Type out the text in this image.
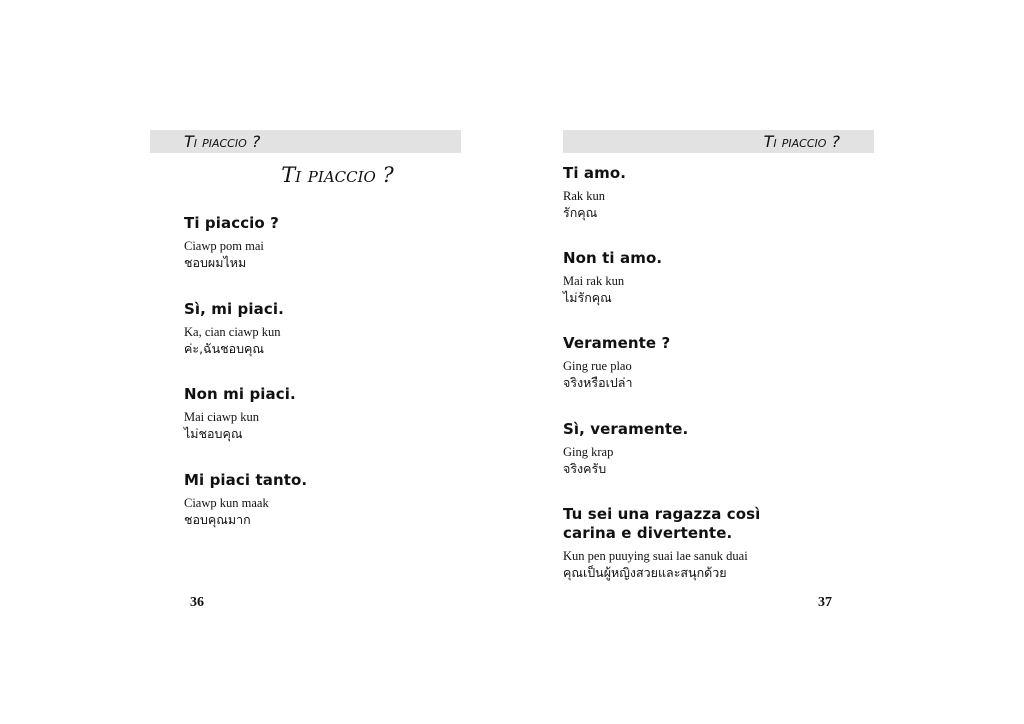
Ti piaccio ?
Ti piaccio ?
Ti piaccio ?
Ciawp pom mai
ชอบผมไหม
Sì, mi piaci.
Ka, cian ciawp kun
ค่ะ,ฉันชอบคุณ
Non mi piaci.
Mai ciawp kun
ไม่ชอบคุณ
Mi piaci tanto.
Ciawp kun maak
ชอบคุณมาก
36
Ti piaccio ?
Ti amo.
Rak kun
รักคุณ
Non ti amo.
Mai rak kun
ไม่รักคุณ
Veramente ?
Ging rue plao
จริงหรือเปล่า
Sì, veramente.
Ging krap
จริงครับ
Tu sei una ragazza così carina e divertente.
Kun pen puuying suai lae sanuk duai
คุณเป็นผู้หญิงสวยและสนุกด้วย
37
